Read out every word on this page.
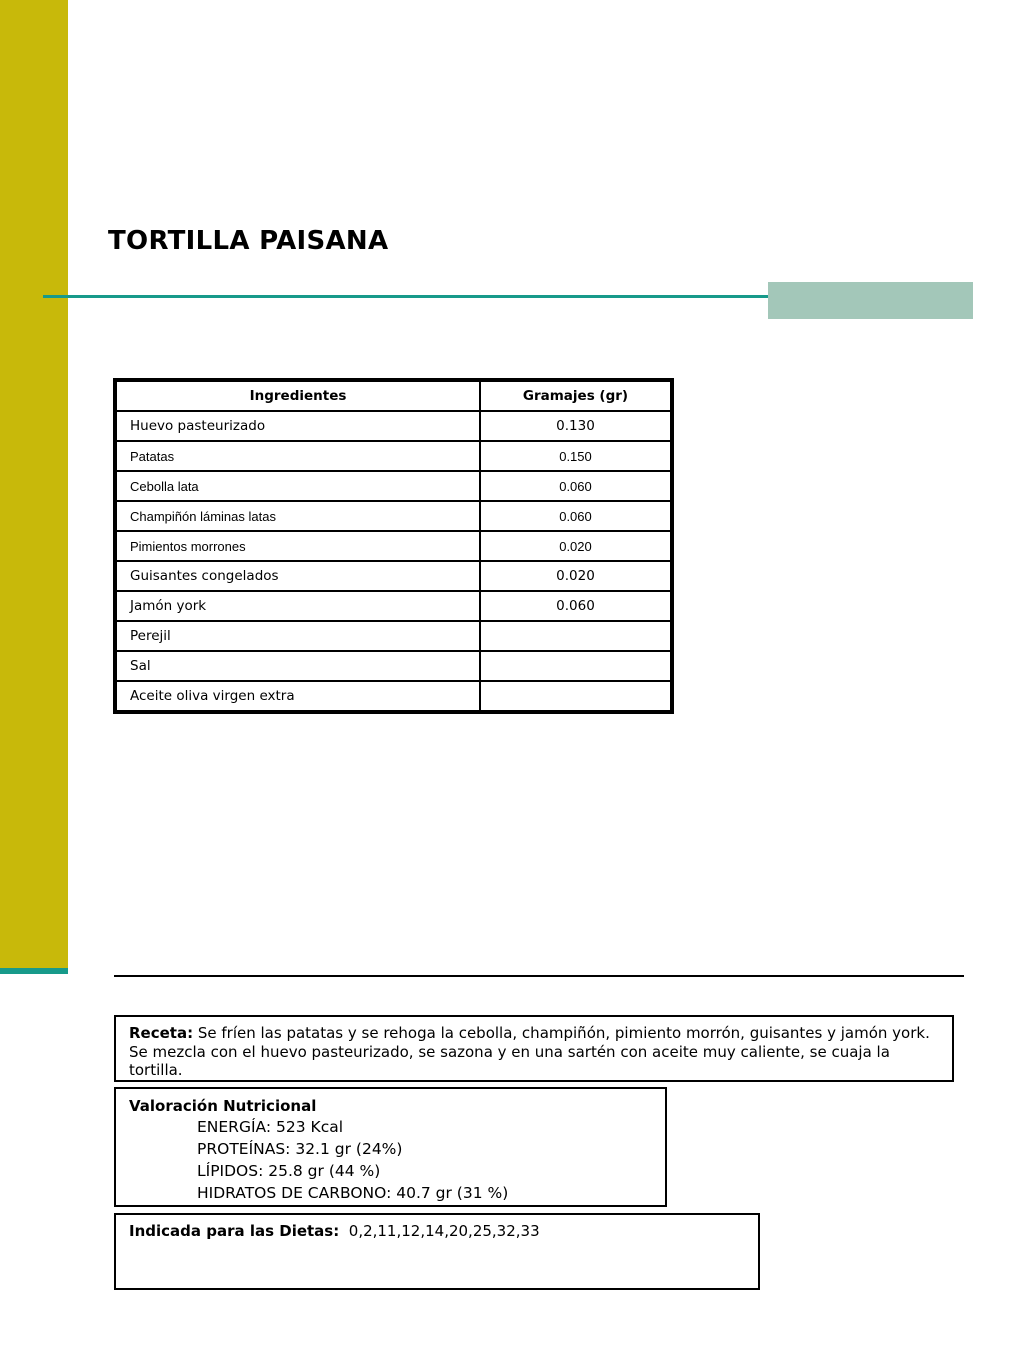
TORTILLA PAISANA
Ingredientes	Gramajes (gr)
Huevo pasteurizado	0.130
Patatas	0.150
Cebolla lata	0.060
Champiñón láminas latas	0.060
Pimientos morrones	0.020
Guisantes congelados	0.020
Jamón york	0.060
Perejil	
Sal	
Aceite oliva virgen extra	
Receta: Se fríen las patatas y se rehoga la cebolla, champiñón, pimiento morrón, guisantes y jamón york. Se mezcla con el huevo pasteurizado, se sazona y en una sartén con aceite muy caliente, se cuaja la tortilla.
Valoración Nutricional
ENERGÍA: 523 Kcal
PROTEÍNAS: 32.1 gr (24%)
LÍPIDOS: 25.8 gr (44 %)
HIDRATOS DE CARBONO: 40.7 gr (31 %)
Indicada para las Dietas:  0,2,11,12,14,20,25,32,33
